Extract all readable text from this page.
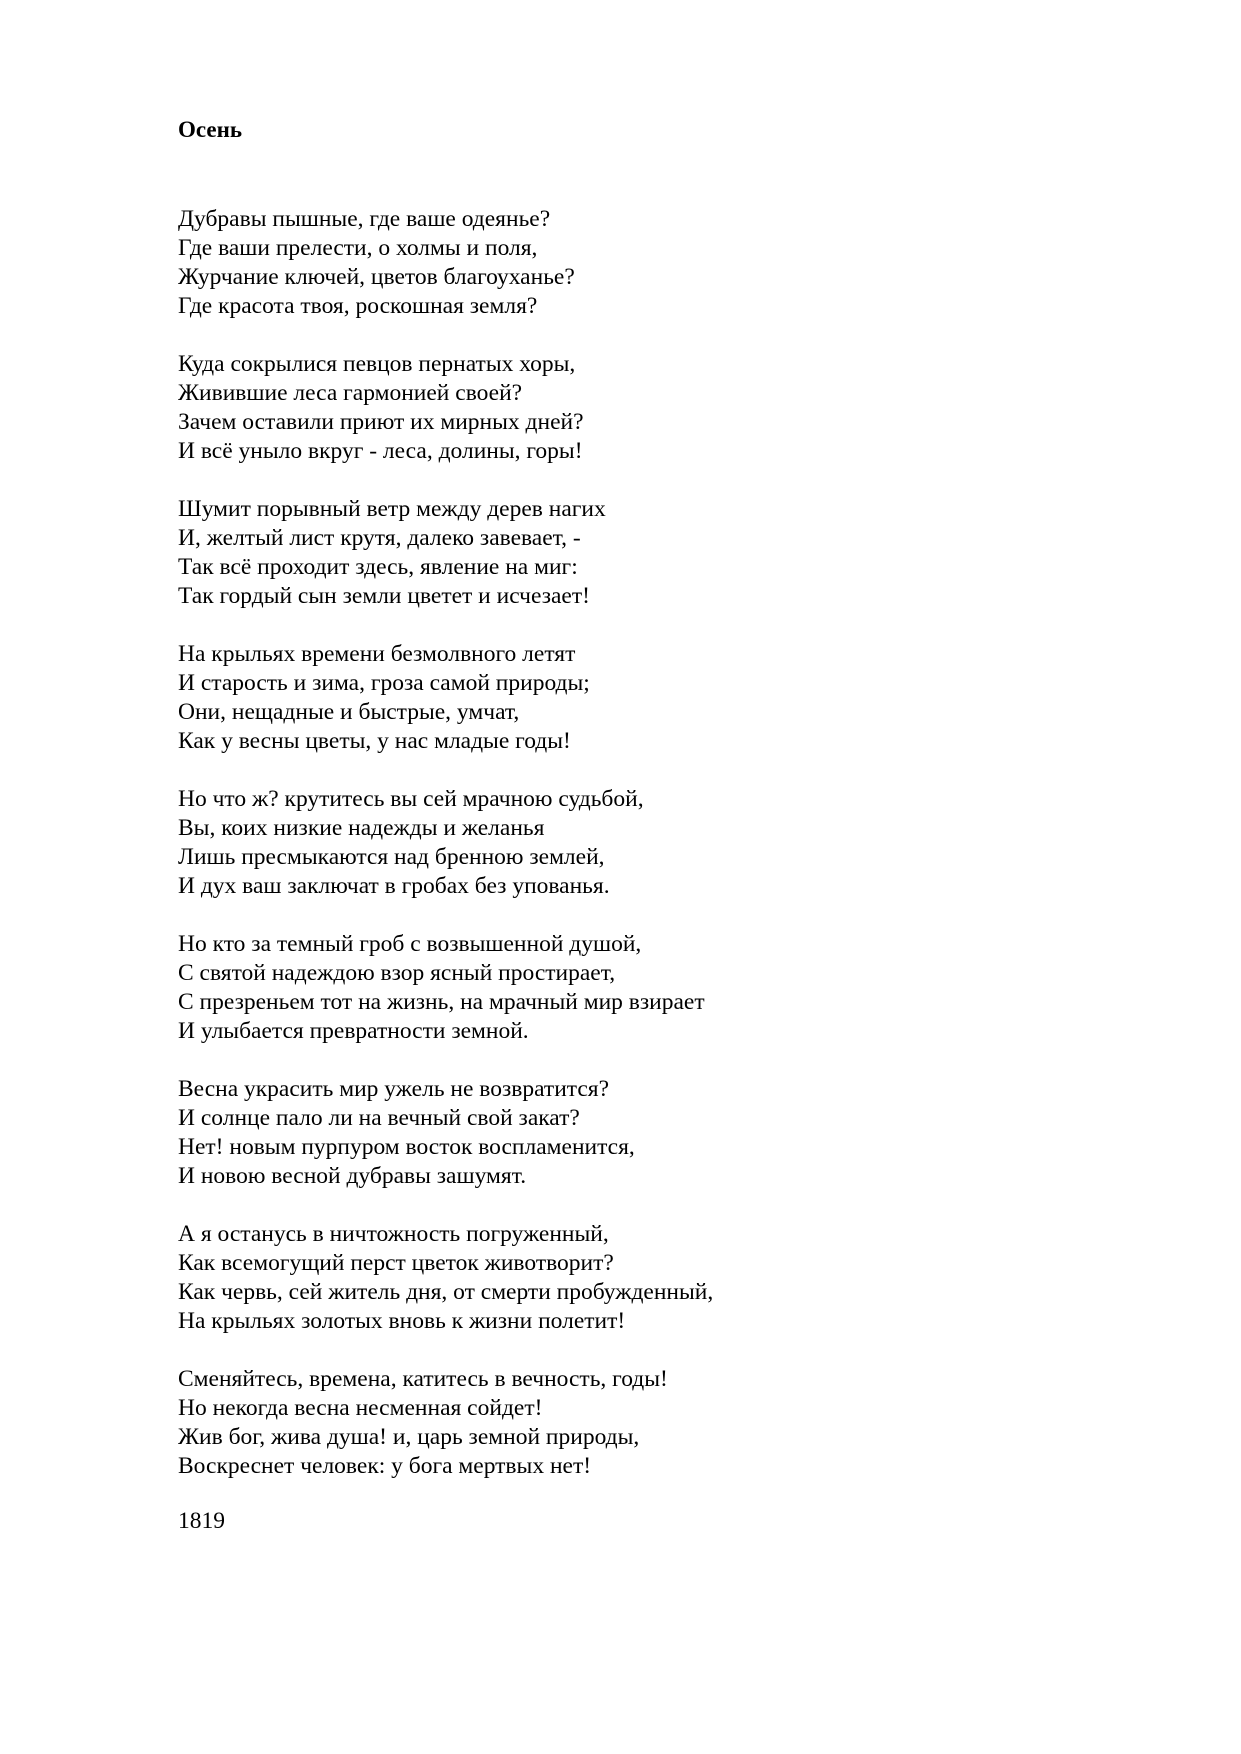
Осень
Дубравы пышные, где ваше одеянье?
Где ваши прелести, о холмы и поля,
Журчание ключей, цветов благоуханье?
Где красота твоя, роскошная земля?
Куда сокрылися певцов пернатых хоры,
Живившие леса гармонией своей?
Зачем оставили приют их мирных дней?
И всё уныло вкруг - леса, долины, горы!
Шумит порывный ветр между дерев нагих
И, желтый лист крутя, далеко завевает, -
Так всё проходит здесь, явление на миг:
Так гордый сын земли цветет и исчезает!
На крыльях времени безмолвного летят
И старость и зима, гроза самой природы;
Они, нещадные и быстрые, умчат,
Как у весны цветы, у нас младые годы!
Но что ж? крутитесь вы сей мрачною судьбой,
Вы, коих низкие надежды и желанья
Лишь пресмыкаются над бренною землей,
И дух ваш заключат в гробах без упованья.
Но кто за темный гроб с возвышенной душой,
С святой надеждою взор ясный простирает,
С презреньем тот на жизнь, на мрачный мир взирает
И улыбается превратности земной.
Весна украсить мир ужель не возвратится?
И солнце пало ли на вечный свой закат?
Нет! новым пурпуром восток воспламенится,
И новою весной дубравы зашумят.
А я останусь в ничтожность погруженный,
Как всемогущий перст цветок животворит?
Как червь, сей житель дня, от смерти пробужденный,
На крыльях золотых вновь к жизни полетит!
Сменяйтесь, времена, катитесь в вечность, годы!
Но некогда весна несменная сойдет!
Жив бог, жива душа! и, царь земной природы,
Воскреснет человек: у бога мертвых нет!
1819
